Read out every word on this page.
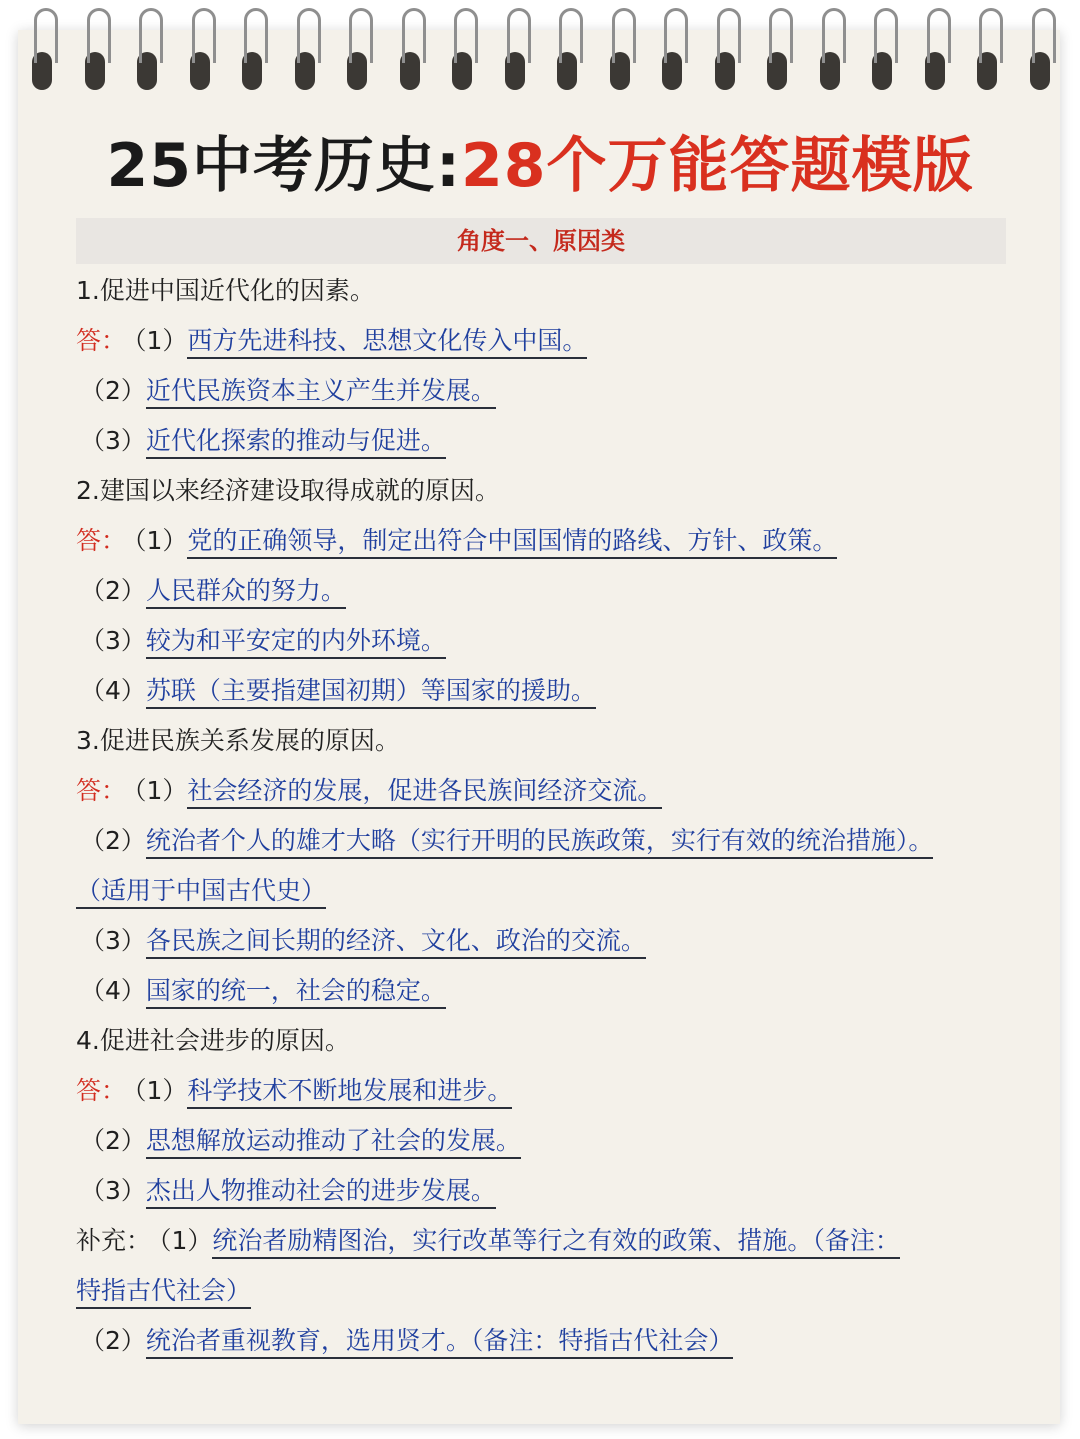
25中考历史:28个万能答题模版
角度一、原因类
1.促进中国近代化的因素。
答： （1）西方先进科技、思想文化传入中国。
（2）近代民族资本主义产生并发展。
（3）近代化探索的推动与促进。
2.建国以来经济建设取得成就的原因。
答： （1）党的正确领导，制定出符合中国国情的路线、方针、政策。
（2）人民群众的努力。
（3）较为和平安定的内外环境。
（4）苏联（主要指建国初期）等国家的援助。
3.促进民族关系发展的原因。
答： （1）社会经济的发展，促进各民族间经济交流。
（2）统治者个人的雄才大略（实行开明的民族政策，实行有效的统治措施）。
（适用于中国古代史）
（3）各民族之间长期的经济、文化、政治的交流。
（4）国家的统一，社会的稳定。
4.促进社会进步的原因。
答： （1）科学技术不断地发展和进步。
（2）思想解放运动推动了社会的发展。
（3）杰出人物推动社会的进步发展。
补充： （1）统治者励精图治，实行改革等行之有效的政策、措施。（备注：
特指古代社会）
（2）统治者重视教育，选用贤才。（备注：特指古代社会）
